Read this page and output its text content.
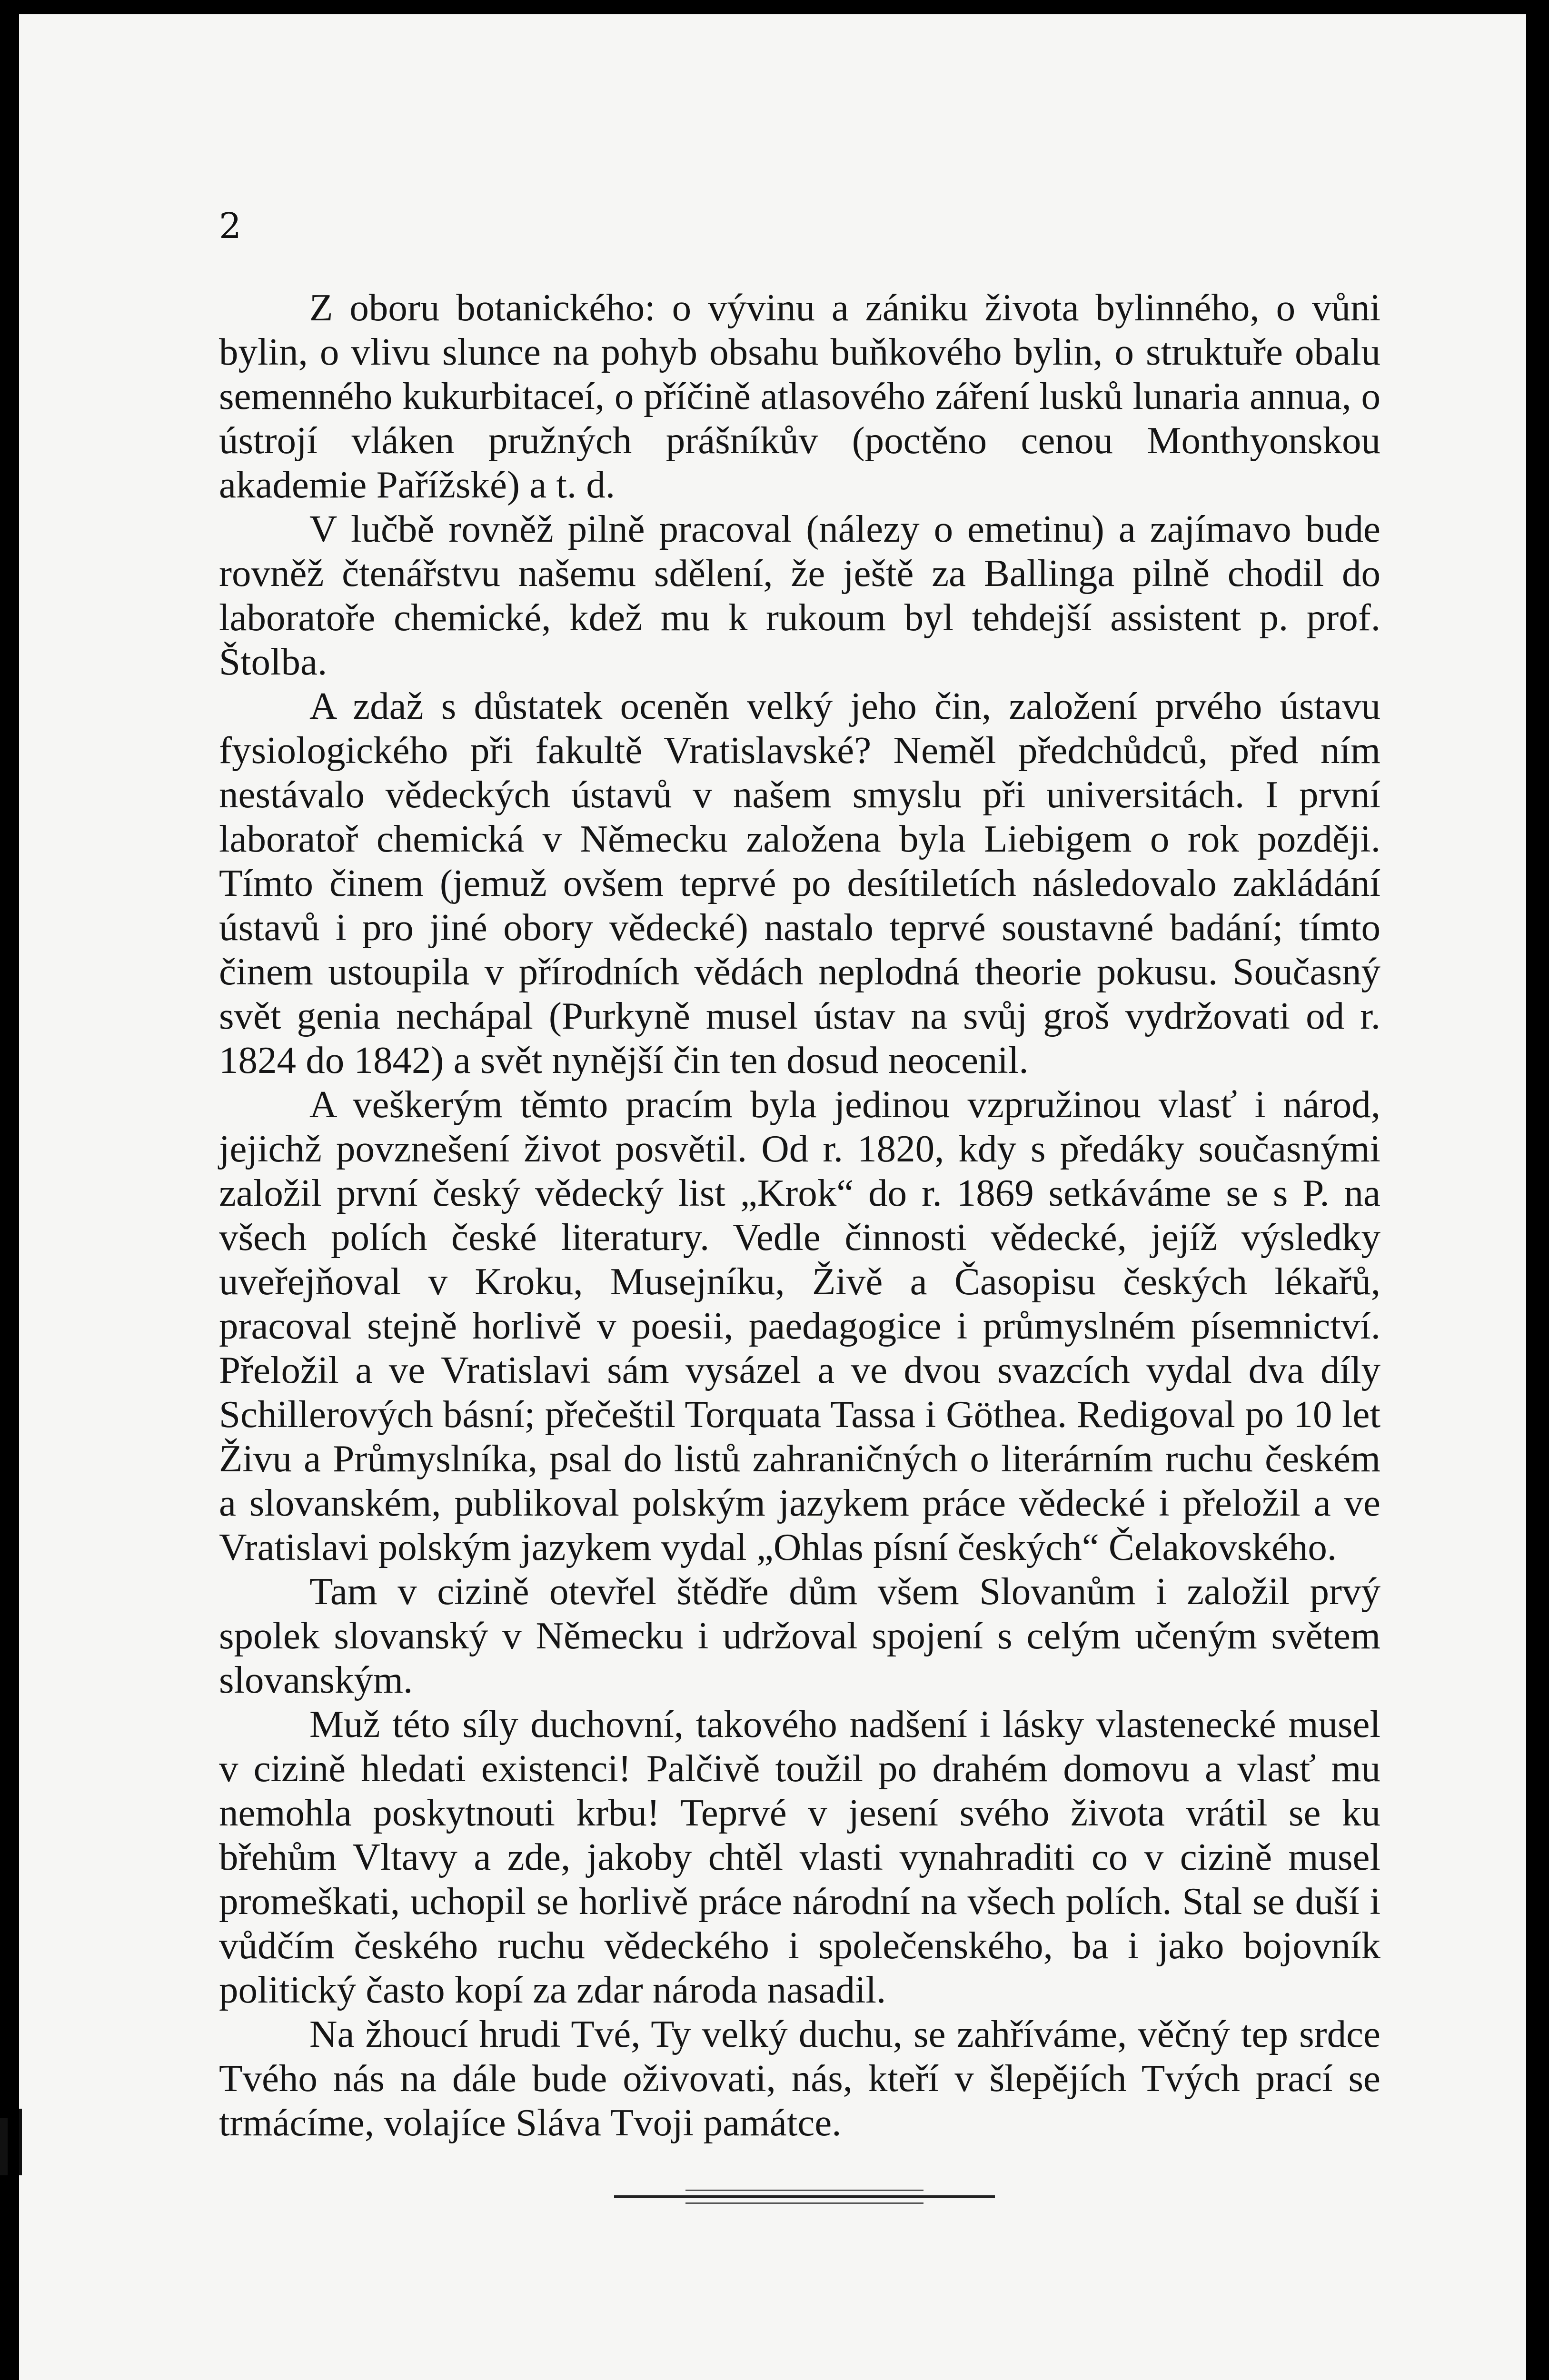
2

Z oboru botanického: o vývinu a zániku života bylinného, o vůni bylin, o vlivu slunce na pohyb obsahu buňkového bylin, o struktuře obalu semenného kukurbitaceí, o příčině atlasového záření lusků lunaria annua, o ústrojí vláken pružných prášníkův (poctěno cenou Monthyonskou akademie Pařížské) a t. d.

V lučbě rovněž pilně pracoval (nálezy o emetinu) a zajímavo bude rovněž čtenářstvu našemu sdělení, že ještě za Ballinga pilně chodil do laboratoře chemické, kdež mu k rukoum byl tehdejší assistent p. prof. Štolba.

A zdaž s důstatek oceněn velký jeho čin, založení prvého ústavu fysiologického při fakultě Vratislavské? Neměl předchůdců, před ním nestávalo vědeckých ústavů v našem smyslu při universitách. I první laboratoř chemická v Německu založena byla Liebigem o rok později. Tímto činem (jemuž ovšem teprvé po desítiletích následovalo zakládání ústavů i pro jiné obory vědecké) nastalo teprvé soustavné badání; tímto činem ustoupila v přírodních vědách neplodná theorie pokusu. Současný svět genia nechápal (Purkyně musel ústav na svůj groš vydržovati od r. 1824 do 1842) a svět nynější čin ten dosud neocenil.

A veškerým těmto pracím byla jedinou vzpružinou vlasť i národ, jejichž povznešení život posvětil. Od r. 1820, kdy s předáky současnými založil první český vědecký list „Krok“ do r. 1869 setkáváme se s P. na všech polích české literatury. Vedle činnosti vědecké, jejíž výsledky uveřejňoval v Kroku, Musejníku, Živě a Časopisu českých lékařů, pracoval stejně horlivě v poesii, paedagogice i průmyslném písemnictví. Přeložil a ve Vratislavi sám vysázel a ve dvou svazcích vydal dva díly Schillerových básní; přečeštil Torquata Tassa i Göthea. Redigoval po 10 let Živu a Průmyslníka, psal do listů zahraničných o literárním ruchu českém a slovanském, publikoval polským jazykem práce vědecké i přeložil a ve Vratislavi polským jazykem vydal „Ohlas písní českých“ Čelakovského.

Tam v cizině otevřel štědře dům všem Slovanům i založil prvý spolek slovanský v Německu i udržoval spojení s celým učeným světem slovanským.

Muž této síly duchovní, takového nadšení i lásky vlastenecké musel v cizině hledati existenci! Palčivě toužil po drahém domovu a vlasť mu nemohla poskytnouti krbu! Teprvé v jesení svého života vrátil se ku břehům Vltavy a zde, jakoby chtěl vlasti vynahraditi co v cizině musel promeškati, uchopil se horlivě práce národní na všech polích. Stal se duší i vůdčím českého ruchu vědeckého i společenského, ba i jako bojovník politický často kopí za zdar národa nasadil.

Na žhoucí hrudi Tvé, Ty velký duchu, se zahříváme, věčný tep srdce Tvého nás na dále bude oživovati, nás, kteří v šlepějích Tvých prací se trmácíme, volajíce Sláva Tvoji památce.
